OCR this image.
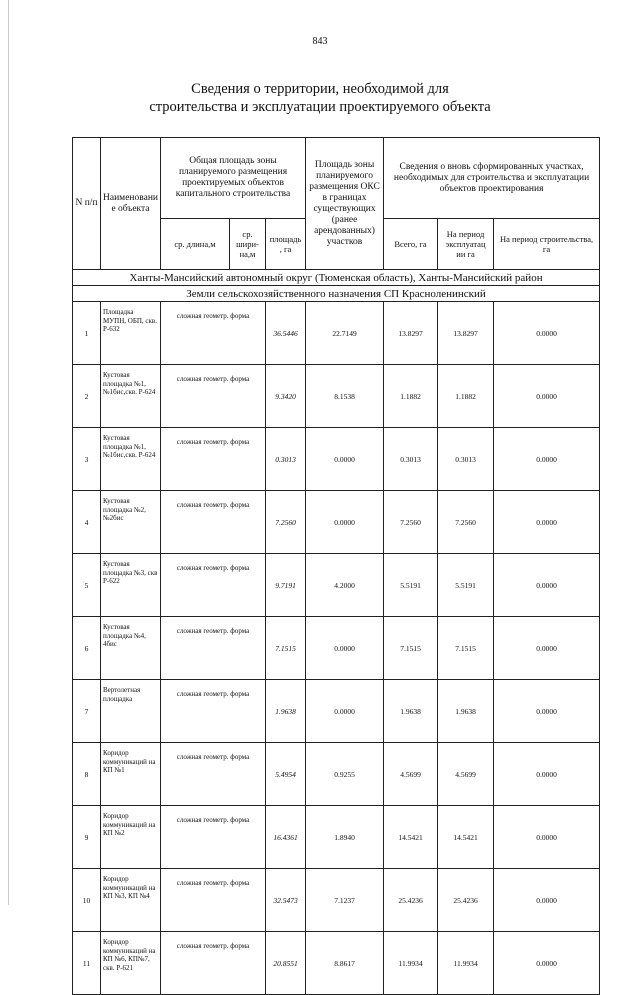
843
Сведения о территории, необходимой для
строительства и эксплуатации проектируемого объекта
N п/п	Наименовани е объекта	Общая площадь зоны планируемого размещения проектируемых объектов капитального строительства			Площадь зоны планируемого размещения ОКС в границах существующих (ранее арендованных) участков	Сведения о вновь сформированных участках, необходимых для строительства и эксплуатации объектов проектирования		
		ср. длина,м	ср. шири- на,м	площадь , га		Всего, га	На период эксплуатац ии га	На период строительства, га
Ханты-Мансийский автономный округ (Тюменская область), Ханты-Мансийский район								
Земли сельскохозяйственного назначения СП Красноленинский								
1	Площадка МУПН, ОБП, скв. Р-632	сложная геометр. форма		36.5446	22.7149	13.8297	13.8297	0.0000
2	Кустовая площадка №1, №1бис,скв. Р-624	сложная геометр. форма		9.3420	8.1538	1.1882	1.1882	0.0000
3	Кустовая площадка №1, №1бис,скв. Р-624	сложная геометр. форма		0.3013	0.0000	0.3013	0.3013	0.0000
4	Кустовая площадка №2, №2бис	сложная геометр. форма		7.2560	0.0000	7.2560	7.2560	0.0000
5	Кустовая площадка №3, скв Р-622	сложная геометр. форма		9.7191	4.2000	5.5191	5.5191	0.0000
6	Кустовая площадка №4, 4бис	сложная геометр. форма		7.1515	0.0000	7.1515	7.1515	0.0000
7	Вертолетная площадка	сложная геометр. форма		1.9638	0.0000	1.9638	1.9638	0.0000
8	Коридор коммуникаций на КП №1	сложная геометр. форма		5.4954	0.9255	4.5699	4.5699	0.0000
9	Коридор коммуникаций на КП №2	сложная геометр. форма		16.4361	1.8940	14.5421	14.5421	0.0000
10	Коридор коммуникаций на КП №3, КП №4	сложная геометр. форма		32.5473	7.1237	25.4236	25.4236	0.0000
11	Коридор коммуникаций на КП №6, КП№7, скв. Р-621	сложная геометр. форма		20.8551	8.8617	11.9934	11.9934	0.0000
